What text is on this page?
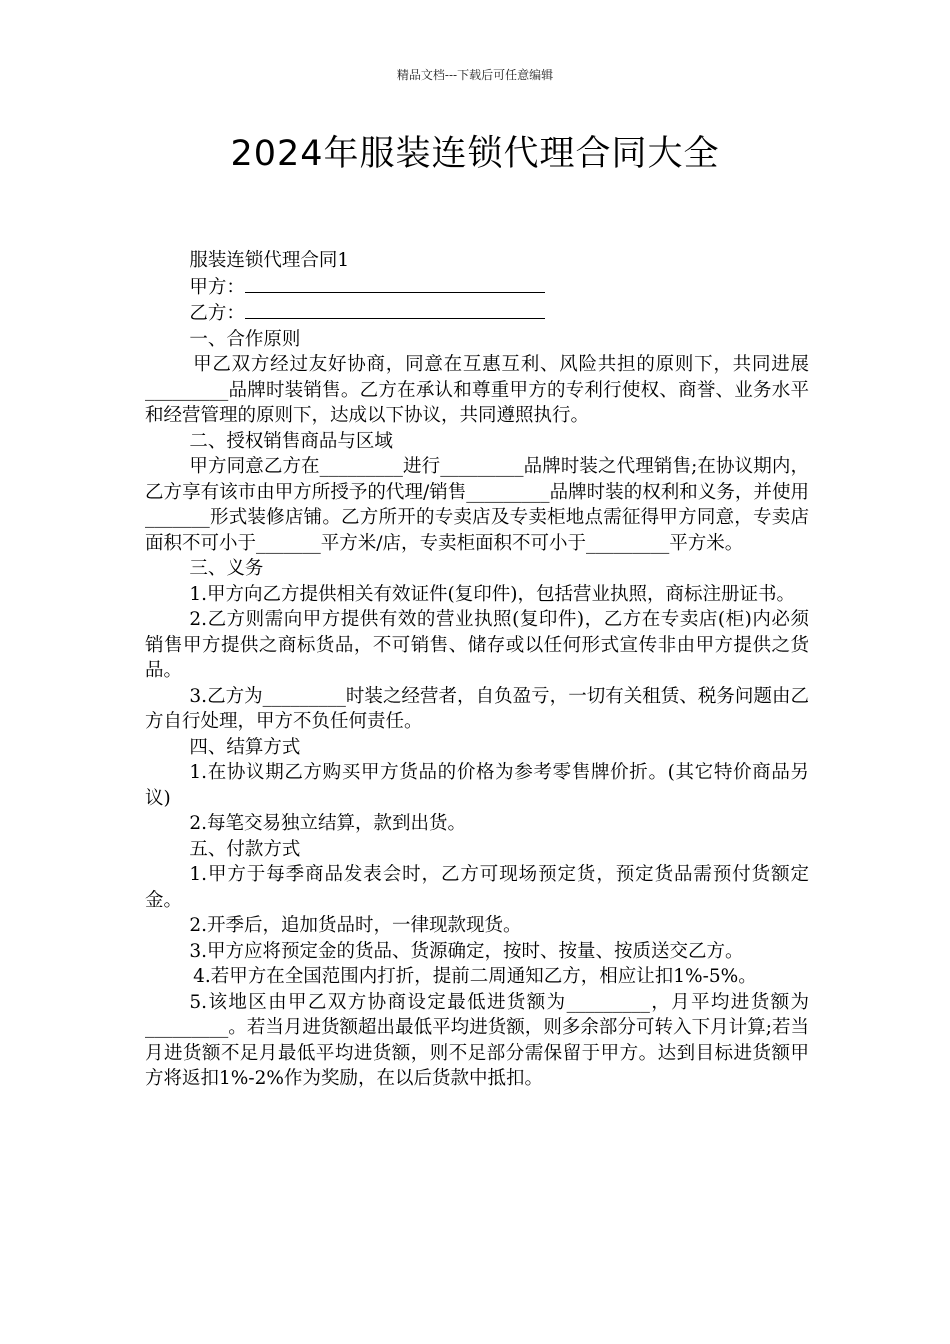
精品文档---下载后可任意编辑
2024年服装连锁代理合同大全

服装连锁代理合同1

甲方：

乙方：

一、合作原则

甲乙双方经过友好协商，同意在互惠互利、风险共担的原则下，共同进展_________品牌时装销售。乙方在承认和尊重甲方的专利行使权、商誉、业务水平和经营管理的原则下，达成以下协议，共同遵照执行。

二、授权销售商品与区域

甲方同意乙方在_________进行_________品牌时装之代理销售;在协议期内，乙方享有该市由甲方所授予的代理/销售_________品牌时装的权利和义务，并使用_______形式装修店铺。乙方所开的专卖店及专卖柜地点需征得甲方同意，专卖店面积不可小于_______平方米/店，专卖柜面积不可小于_________平方米。

三、义务

1.甲方向乙方提供相关有效证件(复印件)，包括营业执照，商标注册证书。

2.乙方则需向甲方提供有效的营业执照(复印件)，乙方在专卖店(柜)内必须销售甲方提供之商标货品，不可销售、储存或以任何形式宣传非由甲方提供之货品。

3.乙方为_________时装之经营者，自负盈亏，一切有关租赁、税务问题由乙方自行处理，甲方不负任何责任。

四、结算方式

1.在协议期乙方购买甲方货品的价格为参考零售牌价折。(其它特价商品另议)

2.每笔交易独立结算，款到出货。

五、付款方式

1.甲方于每季商品发表会时，乙方可现场预定货，预定货品需预付货额定金。

2.开季后，追加货品时，一律现款现货。

3.甲方应将预定金的货品、货源确定，按时、按量、按质送交乙方。

4.若甲方在全国范围内打折，提前二周通知乙方，相应让扣1%-5%。

5.该地区由甲乙双方协商设定最低进货额为_________，月平均进货额为_________。若当月进货额超出最低平均进货额，则多余部分可转入下月计算;若当月进货额不足月最低平均进货额，则不足部分需保留于甲方。达到目标进货额甲方将返扣1%-2%作为奖励，在以后货款中抵扣。
